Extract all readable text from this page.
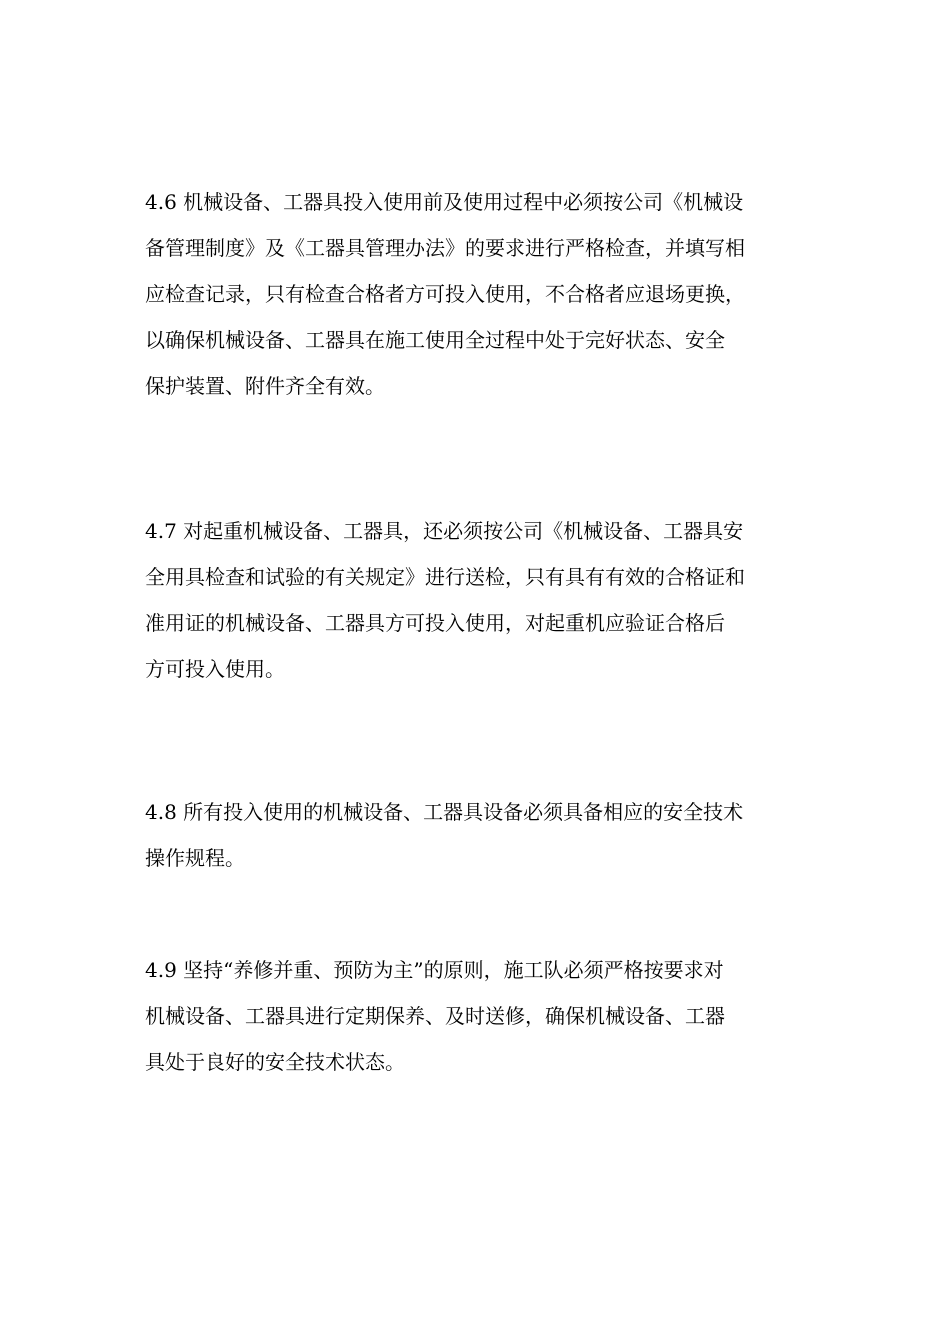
4.6 机械设备、工器具投入使用前及使用过程中必须按公司《机械设
备管理制度》及《工器具管理办法》的要求进行严格检查，并填写相
应检查记录，只有检查合格者方可投入使用，不合格者应退场更换，
以确保机械设备、工器具在施工使用全过程中处于完好状态、安全
保护装置、附件齐全有效。

4.7 对起重机械设备、工器具，还必须按公司《机械设备、工器具安
全用具检查和试验的有关规定》进行送检，只有具有有效的合格证和
准用证的机械设备、工器具方可投入使用，对起重机应验证合格后
方可投入使用。

4.8 所有投入使用的机械设备、工器具设备必须具备相应的安全技术
操作规程。

4.9 坚持“养修并重、预防为主”的原则，施工队必须严格按要求对
机械设备、工器具进行定期保养、及时送修，确保机械设备、工器
具处于良好的安全技术状态。
